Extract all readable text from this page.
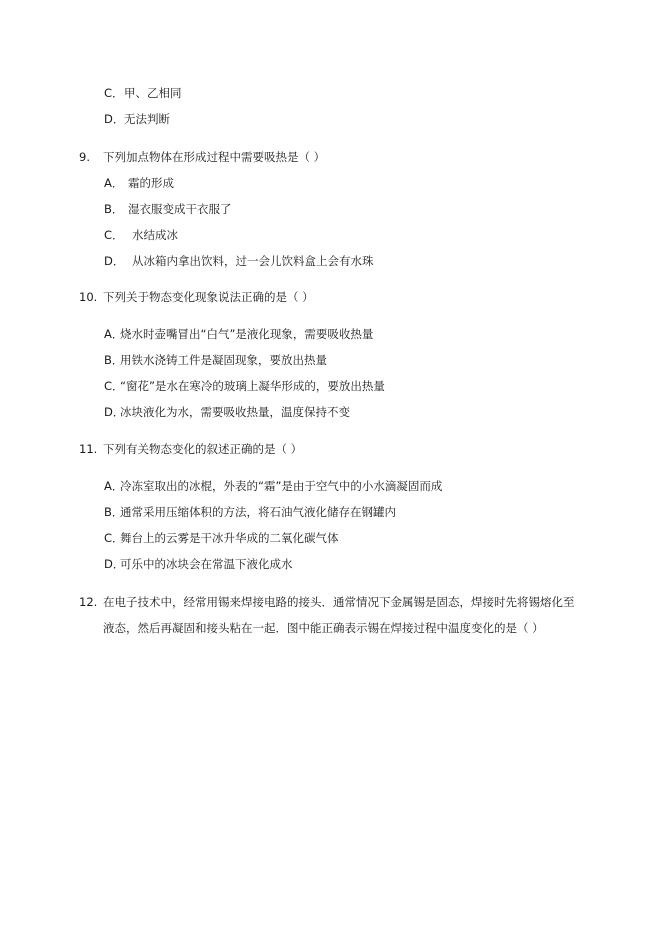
C．甲、乙相同
D．无法判断
9. 下列加点物体在形成过程中需要吸热是（ ）
A． 霜的形成
B． 湿衣服变成干衣服了
C． 水结成冰
D． 从冰箱内拿出饮料，过一会儿饮料盒上会有水珠
10. 下列关于物态变化现象说法正确的是（ ）
A．烧水时壶嘴冒出“白气”是液化现象，需要吸收热量
B．用铁水浇铸工件是凝固现象，要放出热量
C．“窗花”是水在寒冷的玻璃上凝华形成的，要放出热量
D．冰块液化为水，需要吸收热量，温度保持不变
11. 下列有关物态变化的叙述正确的是（ ）
A．冷冻室取出的冰棍，外表的“霜”是由于空气中的小水滴凝固而成
B．通常采用压缩体积的方法，将石油气液化储存在钢罐内
C．舞台上的云雾是干冰升华成的二氧化碳气体
D．可乐中的冰块会在常温下液化成水
12. 在电子技术中，经常用锡来焊接电路的接头．通常情况下金属锡是固态，焊接时先将锡熔化至
液态，然后再凝固和接头粘在一起．图中能正确表示锡在焊接过程中温度变化的是（ ）
